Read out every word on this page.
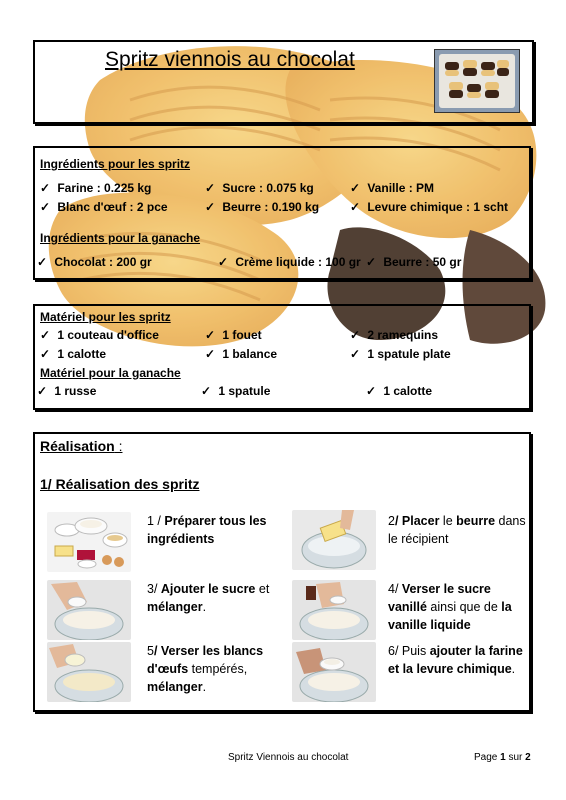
Spritz viennois au chocolat
Ingrédients pour les spritz
✓ Farine : 0.225 kg	✓ Sucre : 0.075 kg	✓ Vanille : PM
✓ Blanc d'œuf : 2 pce	✓ Beurre : 0.190 kg	✓ Levure chimique : 1 scht
Ingrédients pour la ganache
✓ Chocolat : 200 gr	✓ Crème liquide : 100 gr ✓ Beurre : 50 gr
Matériel pour les spritz
✓ 1 couteau d'office	✓ 1 fouet	✓ 2 ramequins
✓ 1 calotte	✓ 1 balance	✓ 1 spatule plate
Matériel pour la ganache
✓ 1 russe	✓ 1 spatule	✓ 1 calotte
Réalisation :
1/ Réalisation des spritz
1 / Préparer tous les ingrédients
2/ Placer le beurre dans le récipient
3/ Ajouter le sucre et mélanger.
4/ Verser le sucre vanillé ainsi que de la vanille liquide
5/ Verser les blancs d'œufs tempérés, mélanger.
6/ Puis ajouter la farine et la levure chimique.
Spritz Viennois au chocolat	Page 1 sur 2
